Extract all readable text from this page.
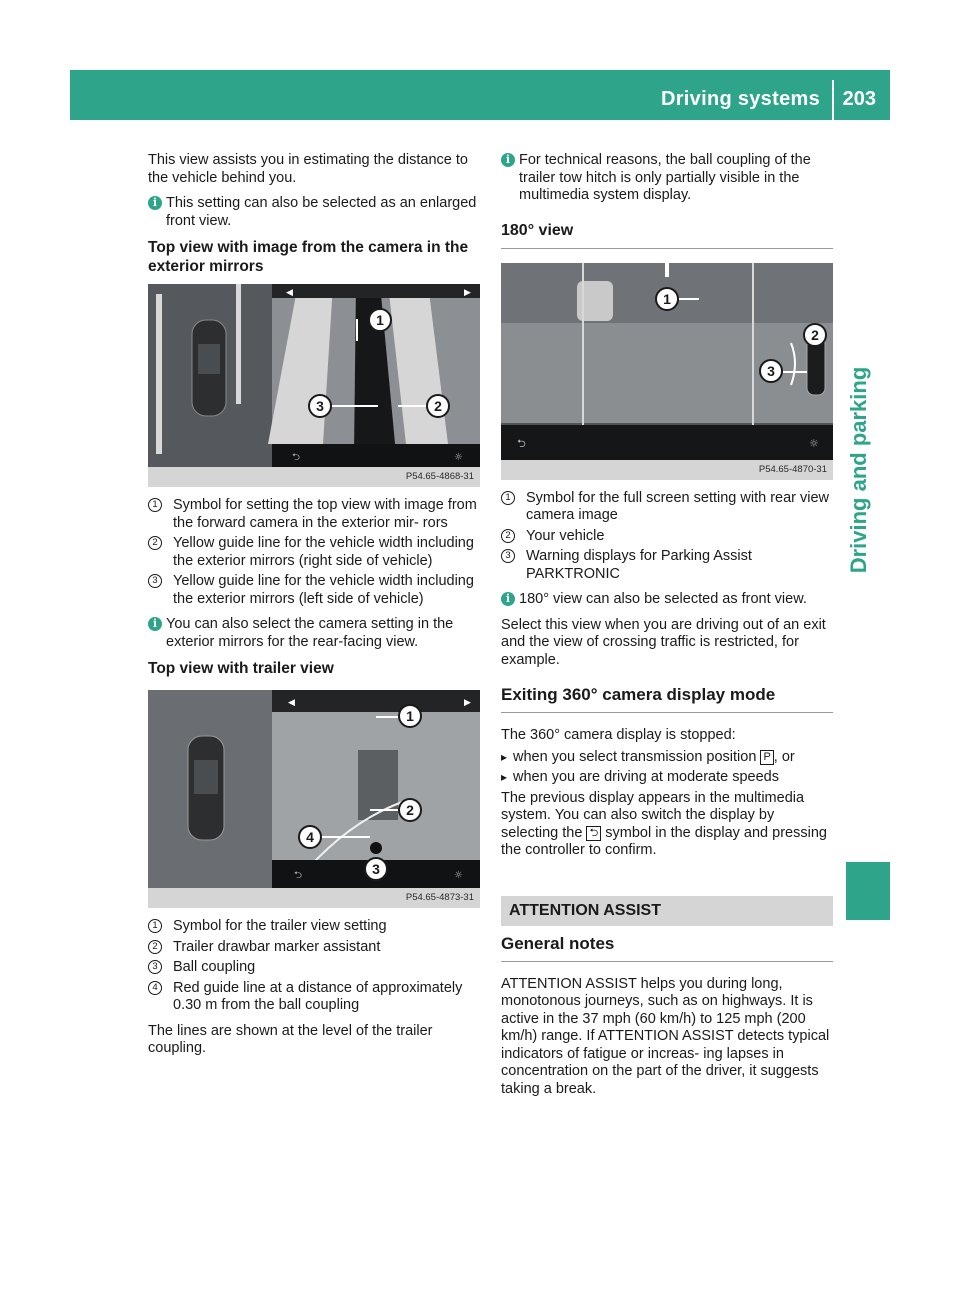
Driving systems 203
Driving and parking
This view assists you in estimating the distance to the vehicle behind you.
i This setting can also be selected as an enlarged front view.
Top view with image from the camera in the exterior mirrors
◀	▶
⮌	☼
1
3	2
P54.65-4868-31
1	Symbol for setting the top view with image from the forward camera in the exterior mir- rors
2	Yellow guide line for the vehicle width including the exterior mirrors (right side of vehicle)
3	Yellow guide line for the vehicle width including the exterior mirrors (left side of vehicle)
i You can also select the camera setting in the exterior mirrors for the rear-facing view.
Top view with trailer view
◀	▶
⮌	☼
1
2
4
3
P54.65-4873-31
1	Symbol for the trailer view setting
2	Trailer drawbar marker assistant
3	Ball coupling
4	Red guide line at a distance of approximately 0.30 m from the ball coupling
The lines are shown at the level of the trailer coupling.
i For technical reasons, the ball coupling of the trailer tow hitch is only partially visible in the multimedia system display.
180° view
⮌	☼
1
2
3
P54.65-4870-31
1	Symbol for the full screen setting with rear view camera image
2	Your vehicle
3	Warning displays for Parking Assist PARKTRONIC
i 180° view can also be selected as front view.
Select this view when you are driving out of an exit and the view of crossing traffic is restricted, for example.
Exiting 360° camera display mode
The 360° camera display is stopped:
▸ when you select transmission position P , or
▸ when you are driving at moderate speeds
The previous display appears in the multimedia system. You can also switch the display by selecting the ⮌ symbol in the display and pressing the controller to confirm.
ATTENTION ASSIST
General notes
ATTENTION ASSIST helps you during long, monotonous journeys, such as on highways. It is active in the 37 mph (60 km/h) to 125 mph (200 km/h) range. If ATTENTION ASSIST detects typical indicators of fatigue or increas- ing lapses in concentration on the part of the driver, it suggests taking a break.
